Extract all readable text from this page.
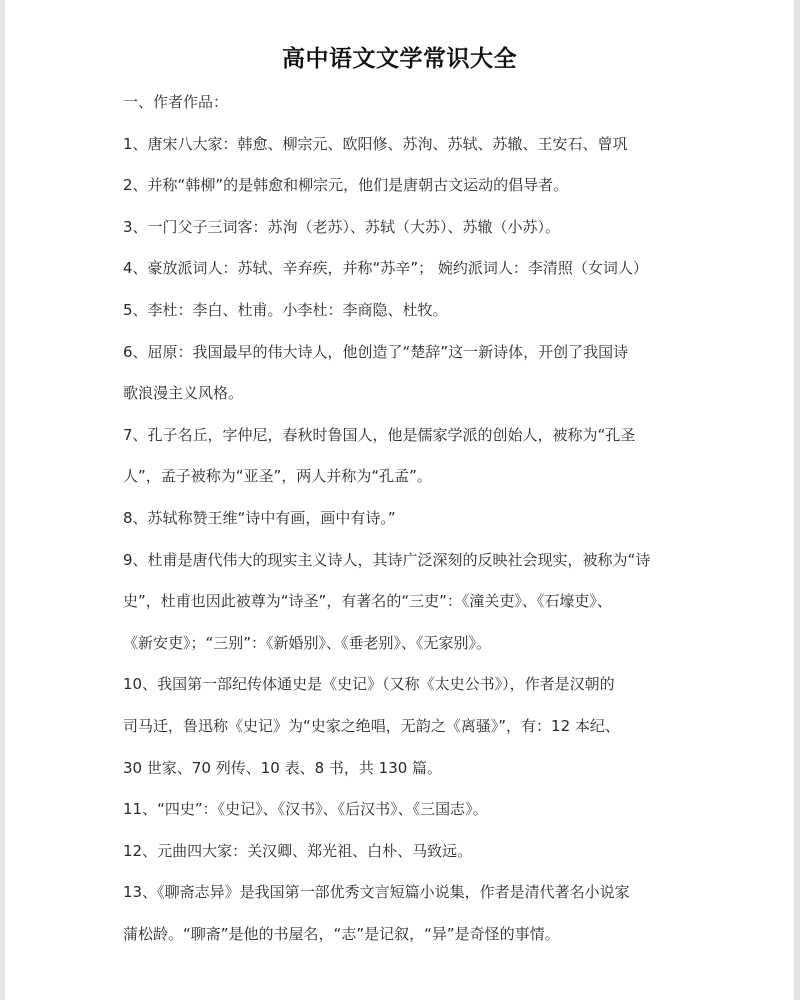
高中语文文学常识大全
一、作者作品：
1、唐宋八大家：韩愈、柳宗元、欧阳修、苏洵、苏轼、苏辙、王安石、曾巩
2、并称“韩柳”的是韩愈和柳宗元，他们是唐朝古文运动的倡导者。
3、一门父子三词客：苏洵（老苏）、苏轼（大苏）、苏辙（小苏）。
4、豪放派词人：苏轼、辛弃疾，并称“苏辛”； 婉约派词人：李清照（女词人）
5、李杜：李白、杜甫。小李杜：李商隐、杜牧。
6、屈原：我国最早的伟大诗人，他创造了“楚辞”这一新诗体，开创了我国诗
歌浪漫主义风格。
7、孔子名丘，字仲尼，春秋时鲁国人，他是儒家学派的创始人，被称为“孔圣
人”，孟子被称为“亚圣”，两人并称为“孔孟”。
8、苏轼称赞王维“诗中有画，画中有诗。”
9、杜甫是唐代伟大的现实主义诗人，其诗广泛深刻的反映社会现实，被称为“诗
史”，杜甫也因此被尊为“诗圣”，有著名的“三吏”：《潼关吏》、《石壕吏》、
《新安吏》；“三别”：《新婚别》、《垂老别》、《无家别》。
10、我国第一部纪传体通史是《史记》（又称《太史公书》），作者是汉朝的
司马迁，鲁迅称《史记》为“史家之绝唱，无韵之《离骚》”，有：12 本纪、
30 世家、70 列传、10 表、8 书，共 130 篇。
11、“四史”：《史记》、《汉书》、《后汉书》、《三国志》。
12、元曲四大家：关汉卿、郑光祖、白朴、马致远。
13、《聊斋志异》是我国第一部优秀文言短篇小说集，作者是清代著名小说家
蒲松龄。“聊斋”是他的书屋名，“志”是记叙，“异”是奇怪的事情。
